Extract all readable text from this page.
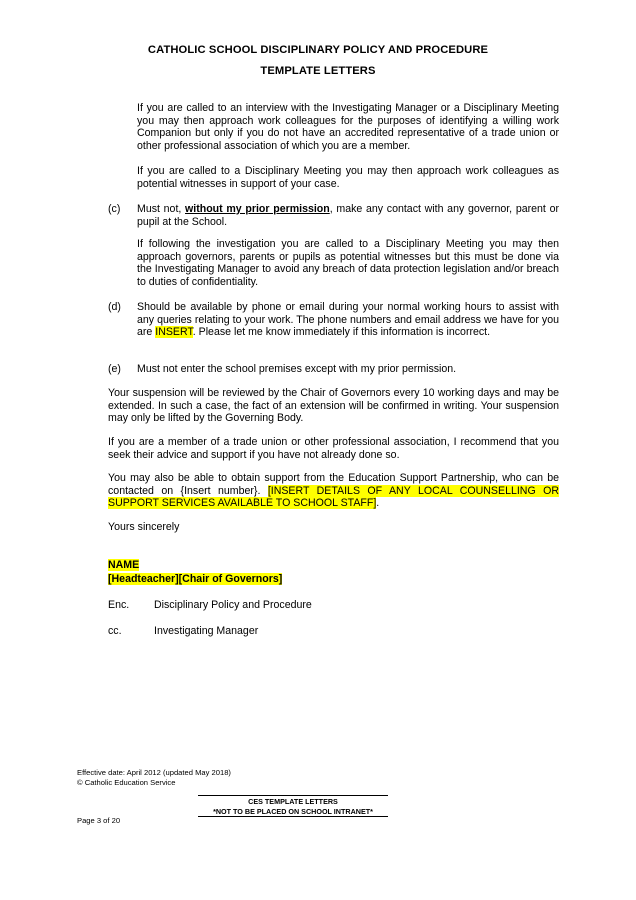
CATHOLIC SCHOOL DISCIPLINARY POLICY AND PROCEDURE
TEMPLATE LETTERS
If you are called to an interview with the Investigating Manager or a Disciplinary Meeting you may then approach work colleagues for the purposes of identifying a willing work Companion but only if you do not have an accredited representative of a trade union or other professional association of which you are a member.
If you are called to a Disciplinary Meeting you may then approach work colleagues as potential witnesses in support of your case.
(c) Must not, without my prior permission, make any contact with any governor, parent or pupil at the School.
If following the investigation you are called to a Disciplinary Meeting you may then approach governors, parents or pupils as potential witnesses but this must be done via the Investigating Manager to avoid any breach of data protection legislation and/or breach to duties of confidentiality.
(d) Should be available by phone or email during your normal working hours to assist with any queries relating to your work. The phone numbers and email address we have for you are INSERT. Please let me know immediately if this information is incorrect.
(e) Must not enter the school premises except with my prior permission.
Your suspension will be reviewed by the Chair of Governors every 10 working days and may be extended. In such a case, the fact of an extension will be confirmed in writing. Your suspension may only be lifted by the Governing Body.
If you are a member of a trade union or other professional association, I recommend that you seek their advice and support if you have not already done so.
You may also be able to obtain support from the Education Support Partnership, who can be contacted on {Insert number}. [INSERT DETAILS OF ANY LOCAL COUNSELLING OR SUPPORT SERVICES AVAILABLE TO SCHOOL STAFF].
Yours sincerely
NAME
[Headteacher][Chair of Governors]
Enc. Disciplinary Policy and Procedure
cc.	Investigating Manager
Effective date: April 2012 (updated May 2018)
© Catholic Education Service
CES TEMPLATE LETTERS
*NOT TO BE PLACED ON SCHOOL INTRANET*
Page 3 of 20
